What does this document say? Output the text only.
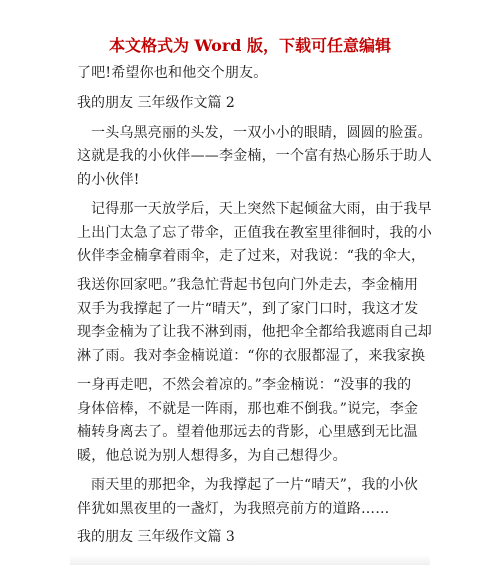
本文格式为 Word 版，下载可任意编辑
了吧!希望你也和他交个朋友。
我的朋友 三年级作文篇 2
一头乌黑亮丽的头发，一双小小的眼睛，圆圆的脸蛋。
这就是我的小伙伴——李金楠，一个富有热心肠乐于助人
的小伙伴!
记得那一天放学后，天上突然下起倾盆大雨，由于我早
上出门太急了忘了带伞，正值我在教室里徘徊时，我的小
伙伴李金楠拿着雨伞，走了过来，对我说：“我的伞大，
我送你回家吧。”我急忙背起书包向门外走去，李金楠用
双手为我撑起了一片“晴天”，到了家门口时，我这才发
现李金楠为了让我不淋到雨，他把伞全都给我遮雨自己却
淋了雨。我对李金楠说道：“你的衣服都湿了，来我家换
一身再走吧，不然会着凉的。”李金楠说：“没事的我的
身体倍棒，不就是一阵雨，那也难不倒我。”说完，李金
楠转身离去了。望着他那远去的背影，心里感到无比温
暖，他总说为别人想得多，为自己想得少。
雨天里的那把伞，为我撑起了一片“晴天”，我的小伙
伴犹如黑夜里的一盏灯，为我照亮前方的道路……
我的朋友 三年级作文篇 3
